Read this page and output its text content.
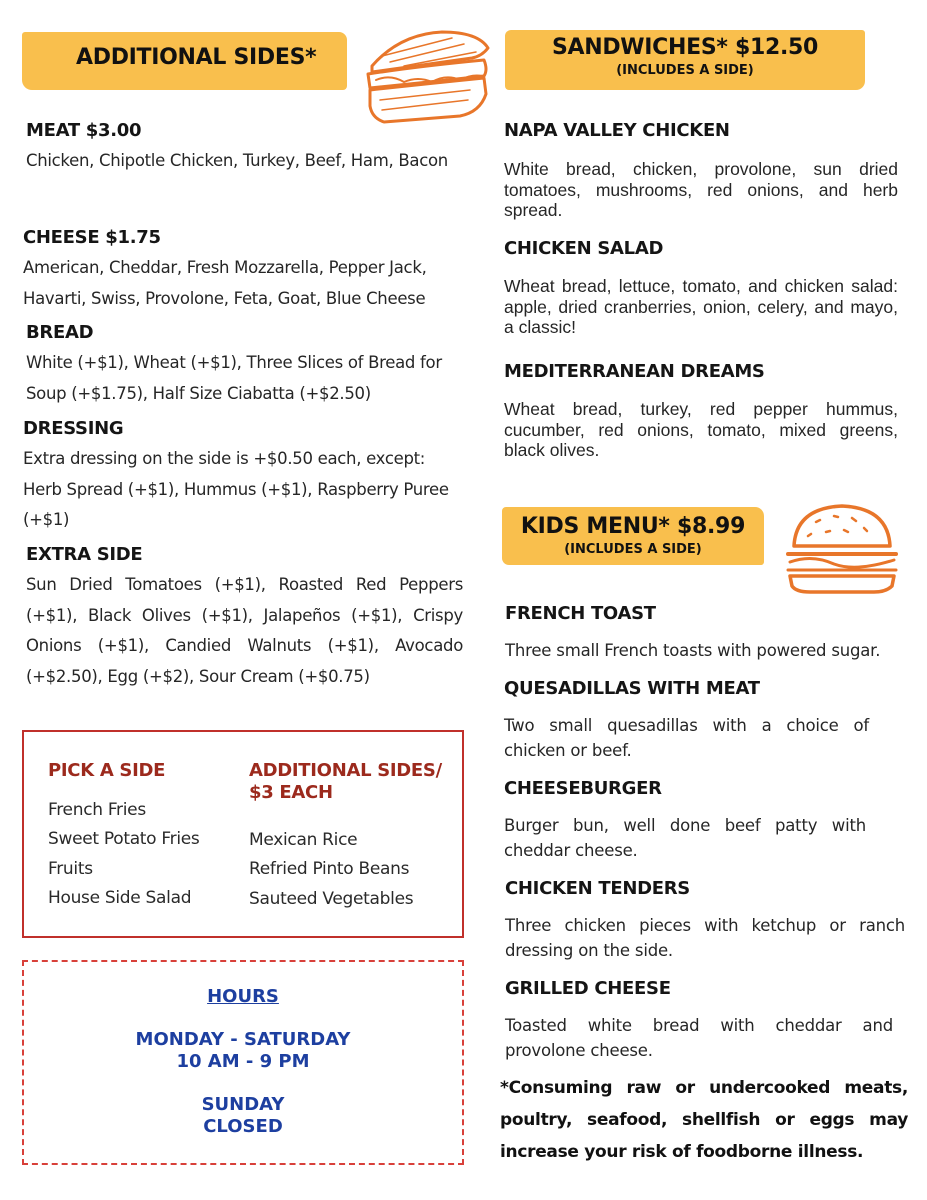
ADDITIONAL SIDES*
MEAT $3.00
Chicken, Chipotle Chicken, Turkey, Beef, Ham, Bacon
CHEESE $1.75
American, Cheddar, Fresh Mozzarella, Pepper Jack, Havarti, Swiss, Provolone, Feta, Goat, Blue Cheese
BREAD
White (+$1), Wheat (+$1), Three Slices of Bread for Soup (+$1.75), Half Size Ciabatta (+$2.50)
DRESSING
Extra dressing on the side is +$0.50 each, except: Herb Spread (+$1), Hummus (+$1), Raspberry Puree (+$1)
EXTRA SIDE
Sun Dried Tomatoes (+$1), Roasted Red Peppers (+$1), Black Olives (+$1), Jalapeños (+$1), Crispy Onions (+$1), Candied Walnuts (+$1), Avocado (+$2.50), Egg (+$2), Sour Cream (+$0.75)
PICK A SIDE
French Fries
Sweet Potato Fries
Fruits
House Side Salad
ADDITIONAL SIDES/
$3 EACH
Mexican Rice
Refried Pinto Beans
Sauteed Vegetables
HOURS
MONDAY - SATURDAY
10 AM - 9 PM
SUNDAY
CLOSED
SANDWICHES* $12.50
(INCLUDES A SIDE)
NAPA VALLEY CHICKEN
White bread, chicken, provolone, sun dried tomatoes, mushrooms, red onions, and herb spread.
CHICKEN SALAD
Wheat bread, lettuce, tomato, and chicken salad: apple, dried cranberries, onion, celery, and mayo, a classic!
MEDITERRANEAN DREAMS
Wheat bread, turkey, red pepper hummus, cucumber, red onions, tomato, mixed greens, black olives.
KIDS MENU* $8.99
(INCLUDES A SIDE)
FRENCH TOAST
Three small French toasts with powered sugar.
QUESADILLAS WITH MEAT
Two small quesadillas with a choice of chicken or beef.
CHEESEBURGER
Burger bun, well done beef patty with cheddar cheese.
CHICKEN TENDERS
Three chicken pieces with ketchup or ranch dressing on the side.
GRILLED CHEESE
Toasted white bread with cheddar and provolone cheese.
*Consuming raw or undercooked meats, poultry, seafood, shellfish or eggs may increase your risk of foodborne illness.
